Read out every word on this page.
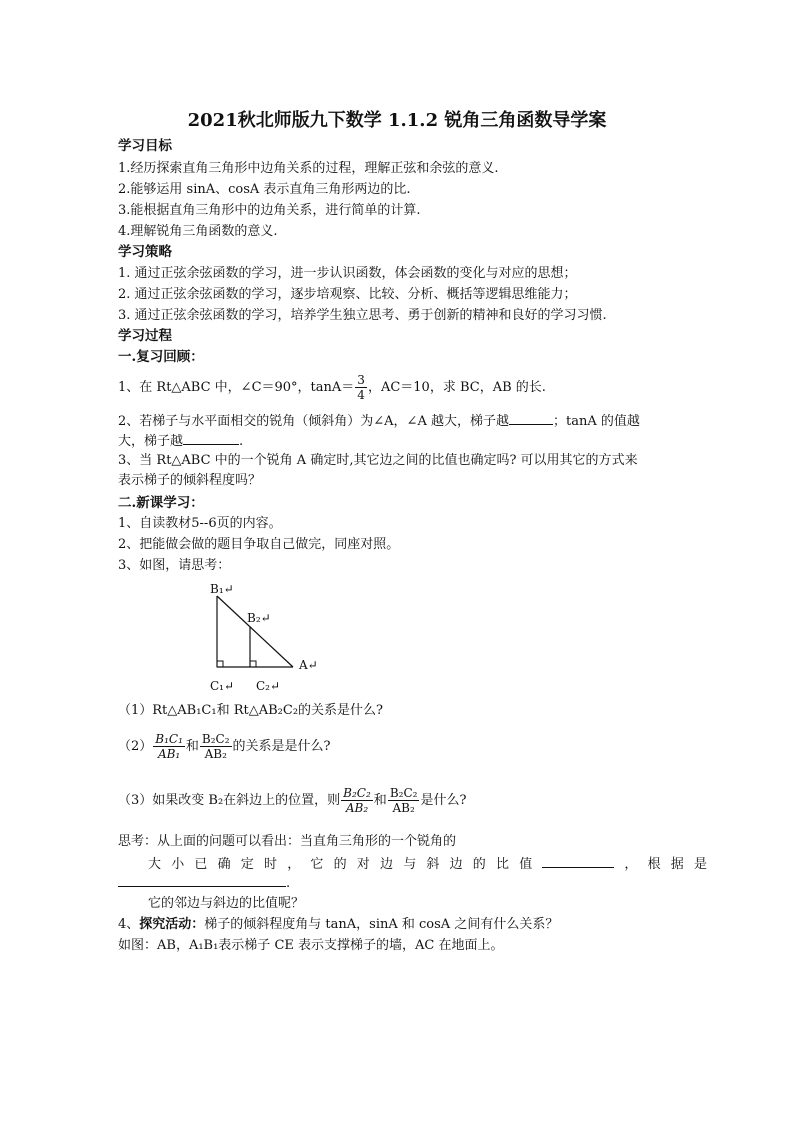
2021秋北师版九下数学 1.1.2 锐角三角函数导学案
学习目标
1.经历探索直角三角形中边角关系的过程，理解正弦和余弦的意义.
2.能够运用 sinA、cosA 表示直角三角形两边的比.
3.能根据直角三角形中的边角关系，进行简单的计算.
4.理解锐角三角函数的意义.
学习策略
1. 通过正弦余弦函数的学习，进一步认识函数，体会函数的变化与对应的思想；
2. 通过正弦余弦函数的学习，逐步培观察、比较、分析、概括等逻辑思维能力；
3. 通过正弦余弦函数的学习，培养学生独立思考、勇于创新的精神和良好的学习习惯.
学习过程
一.复习回顾：
1、在 Rt△ABC 中，∠C＝90°，$\tan A= \frac{3}{4}$ ，AC＝10，求 BC，AB 的长.
2、若梯子与水平面相交的锐角（倾斜角）为∠A，∠A 越大，梯子越	；tanA 的值越
大，梯子越	.
3、当 Rt△ABC 中的一个锐角 A 确定时,其它边之间的比值也确定吗? 可以用其它的方式来
表示梯子的倾斜程度吗？
二.新课学习：
1、自读教材5--6页的内容。
2、把能做会做的题目争取自己做完，同座对照。
3、如图，请思考：
B₁↵
B₂↵
A↵
C₁↵ C₂↵
（1）Rt△AB₁C₁和 Rt△AB₂C₂的关系是什么?
$(2) \frac{\text{B₁C₁}}{\text{AB₁}}$ 和 $\frac{\text{B₂C₂}}{\text{AB₂}}$ 的关系是是什么?
（3）如果改变 B₂在斜边上的位置，则 $\frac{\text{B₂C₂}}{\text{AB₂}}$ 和 $\frac{\text{B₂C₂}}{\text{AB₂}}$ 是什么?
思考：从上面的问题可以看出：当直角三角形的一个锐角的
大小已确定时，它的对边与斜边的比值	，根据是
.
它的邻边与斜边的比值呢？
4、探究活动：梯子的倾斜程度角与 tanA，sinA 和 cosA 之间有什么关系？
如图：AB，A₁B₁表示梯子 CE 表示支撑梯子的墙，AC 在地面上。
